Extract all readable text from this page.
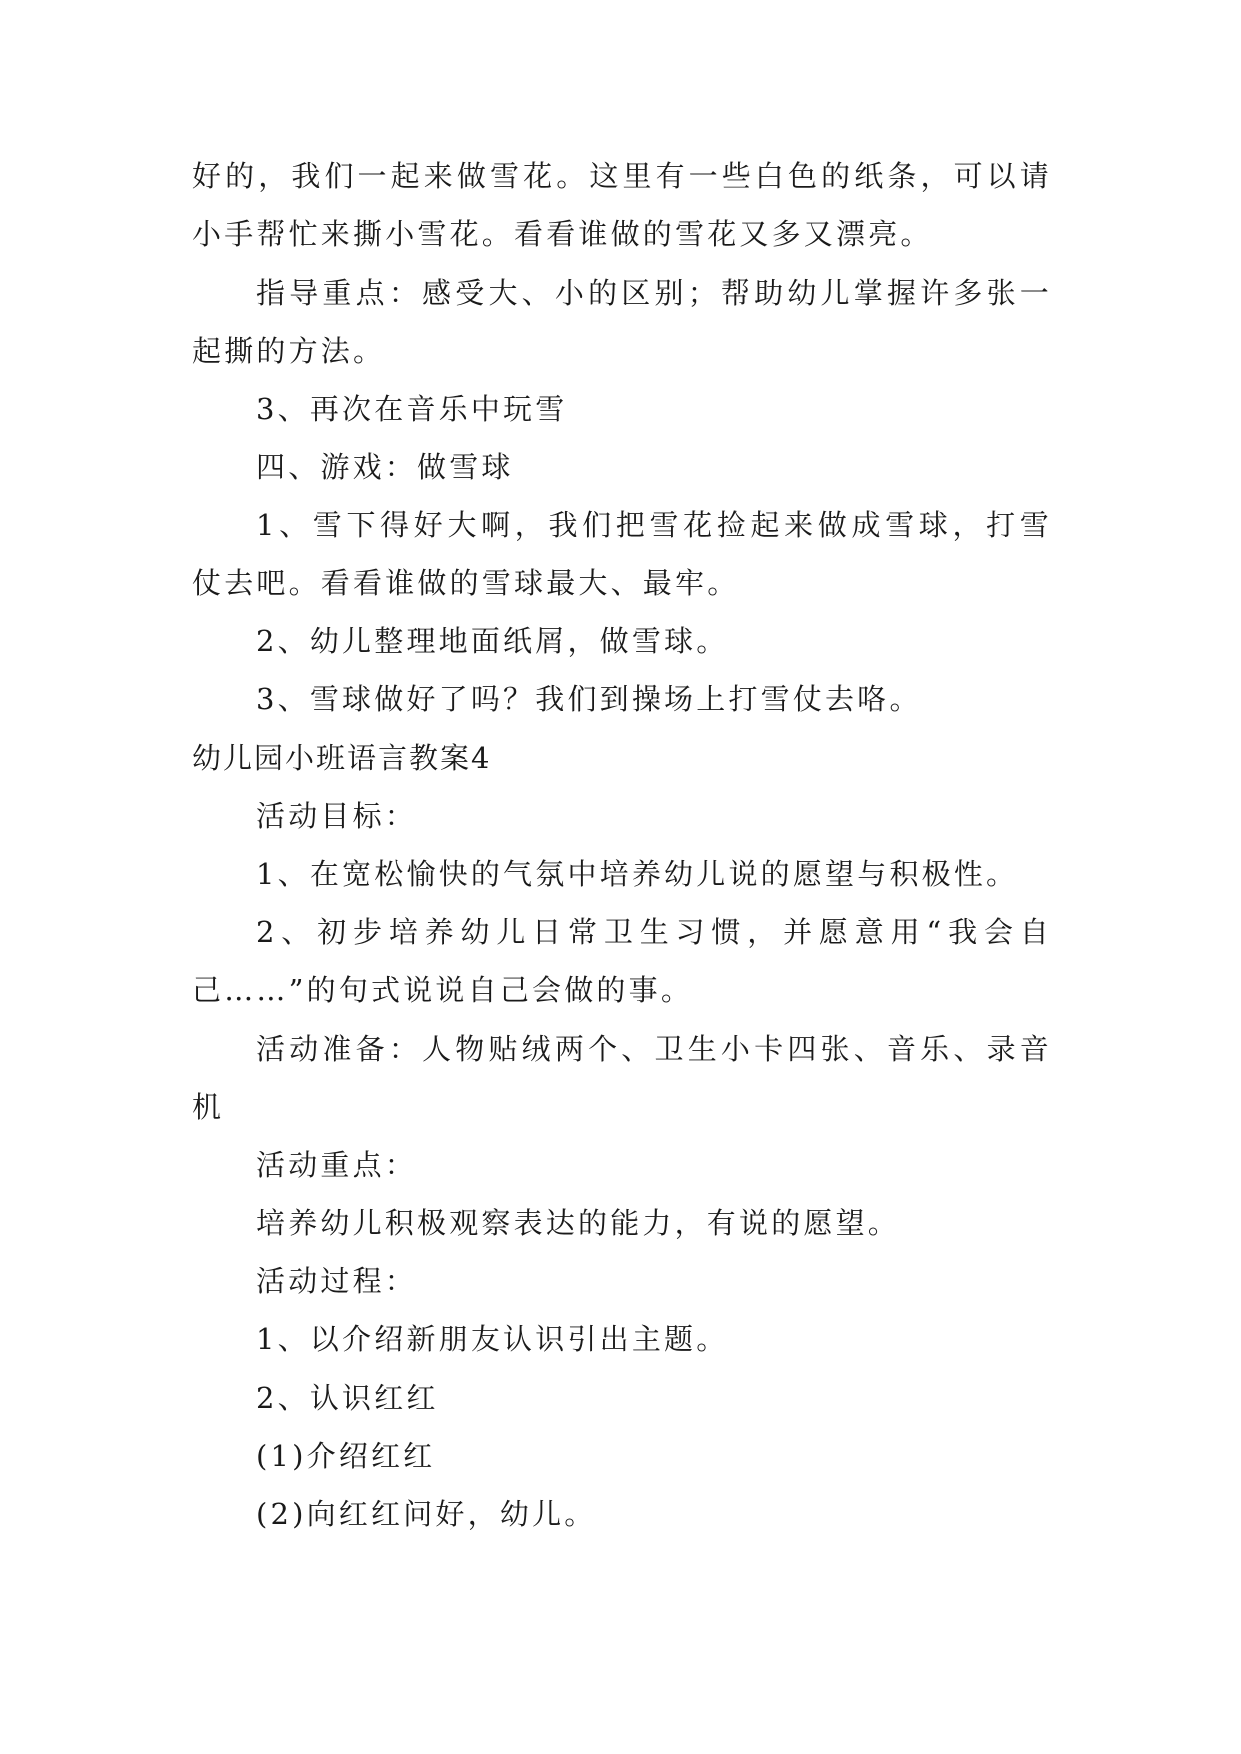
好的，我们一起来做雪花。这里有一些白色的纸条，可以请
小手帮忙来撕小雪花。看看谁做的雪花又多又漂亮。
指导重点：感受大、小的区别；帮助幼儿掌握许多张一
起撕的方法。
3、再次在音乐中玩雪
四、游戏：做雪球
1、雪下得好大啊，我们把雪花捡起来做成雪球，打雪
仗去吧。看看谁做的雪球最大、最牢。
2、幼儿整理地面纸屑，做雪球。
3、雪球做好了吗？我们到操场上打雪仗去咯。
幼儿园小班语言教案4
活动目标：
1、在宽松愉快的气氛中培养幼儿说的愿望与积极性。
2、初步培养幼儿日常卫生习惯，并愿意用“我会自
己……”的句式说说自己会做的事。
活动准备：人物贴绒两个、卫生小卡四张、音乐、录音
机
活动重点：
培养幼儿积极观察表达的能力，有说的愿望。
活动过程：
1、以介绍新朋友认识引出主题。
2、认识红红
(1)介绍红红
(2)向红红问好，幼儿。
